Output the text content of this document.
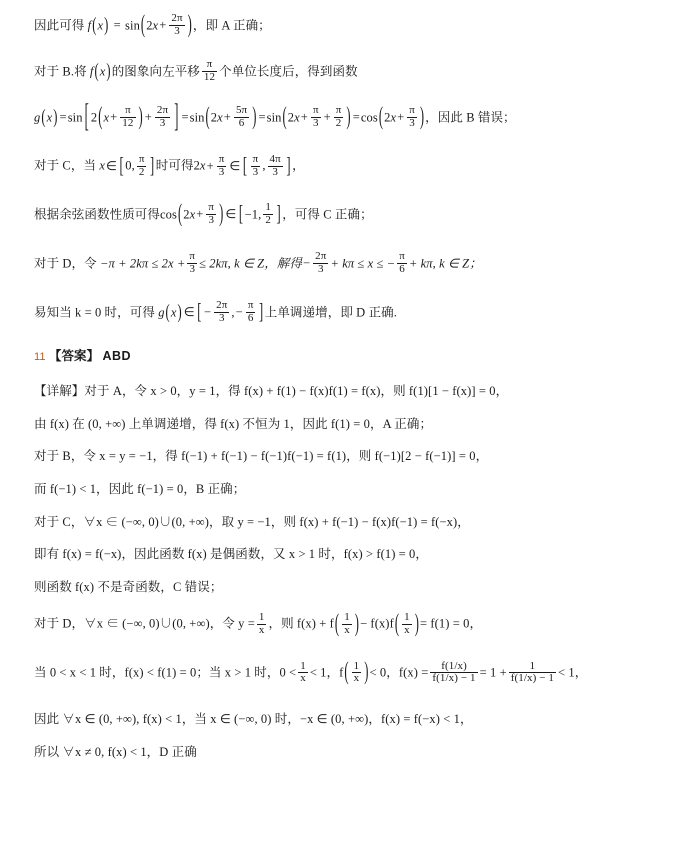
因此可得 $f(x) = \sin(2x+ \frac{2\pi}{3}$ )，即 A 正确；
对于 B.将 f(x)的图象向左平移 $\frac{\pi}{12}$ 个单位长度后，得到函数
g(x) =sin [ $2(x+ \frac{\pi}{12}$ ) + $\frac{2\pi}{3}$ ] $=\sin(2x+ \frac{5\pi}{6}$ ) $=\sin(2x+ \frac{\pi}{3} + \frac{\pi}{2}$ ) $=\cos(2x+ \frac{\pi}{3}$ )，因此 B 错误；
对于 C，当 x∈ [ 0, $\frac{\pi}{2}$ ] 时可得$2x+ \frac{\pi}{3}$ ∈ [ $\frac{\pi}{3}$ , $\frac{4\pi}{3}$ ] ，
根据余弦函数性质可得$\cos(2x+ \frac{\pi}{3}$ ) ∈ [ −1, $\frac{1}{2}$ ] ，可得 C 正确；
对于 D，令 $-\pi + 2k\pi \le 2x + \frac{\pi}{3} \le 2k\pi$, k ∈ Z，解得− $\frac{2\pi}{3} + k\pi \le x$ ≤ − $\frac{\pi}{6} + k\pi$, k ∈ Z；
易知当 k = 0 时，可得 g(x) ∈ [ − $\frac{2\pi}{3}$ ,− $\frac{\pi}{6}$ ] 上单调递增，即 D 正确.
11 【答案】 ABD
【详解】对于 A，令 x > 0，y = 1，得 f(x) + f(1) − f(x)f(1) = f(x)，则 f(1)[1 − f(x)] = 0，
由 f(x) 在 (0, +∞) 上单调递增，得 f(x) 不恒为 1，因此 f(1) = 0，A 正确；
对于 B，令 x = y = −1，得 f(−1) + f(−1) − f(−1)f(−1) = f(1)，则 f(−1)[2 − f(−1)] = 0，
而 f(−1) < 1，因此 f(−1) = 0，B 正确；
对于 C，∀x ∈ (−∞, 0)∪(0, +∞)，取 y = −1，则 f(x) + f(−1) − f(x)f(−1) = f(−x)，
即有 f(x) = f(−x)，因此函数 f(x) 是偶函数，又 x > 1 时，f(x) > f(1) = 0，
则函数 f(x) 不是奇函数，C 错误；
对于 D，∀x ∈ (−∞, 0)∪(0, +∞)，令 $y = \frac{1}{x}$ ，则 $f(x) + f( \frac{1}{x}$ )− $f(x)f( \frac{1}{x}$ )= f(1) = 0，
当 0 < x < 1 时，f(x) < f(1) = 0；当 x > 1 时，$0 < \frac{1}{x} < 1$，$f( \frac{1}{x}$ )< 0，$f(x) = \frac{f(1/x)}{f(1/x) - 1} = 1 + \frac{1}{f(1/x) - 1} < 1$，
因此 ∀x ∈ (0, +∞), f(x) < 1，当 x ∈ (−∞, 0) 时，−x ∈ (0, +∞)，f(x) = f(−x) < 1，
所以 ∀x ≠ 0, f(x) < 1，D 正确
